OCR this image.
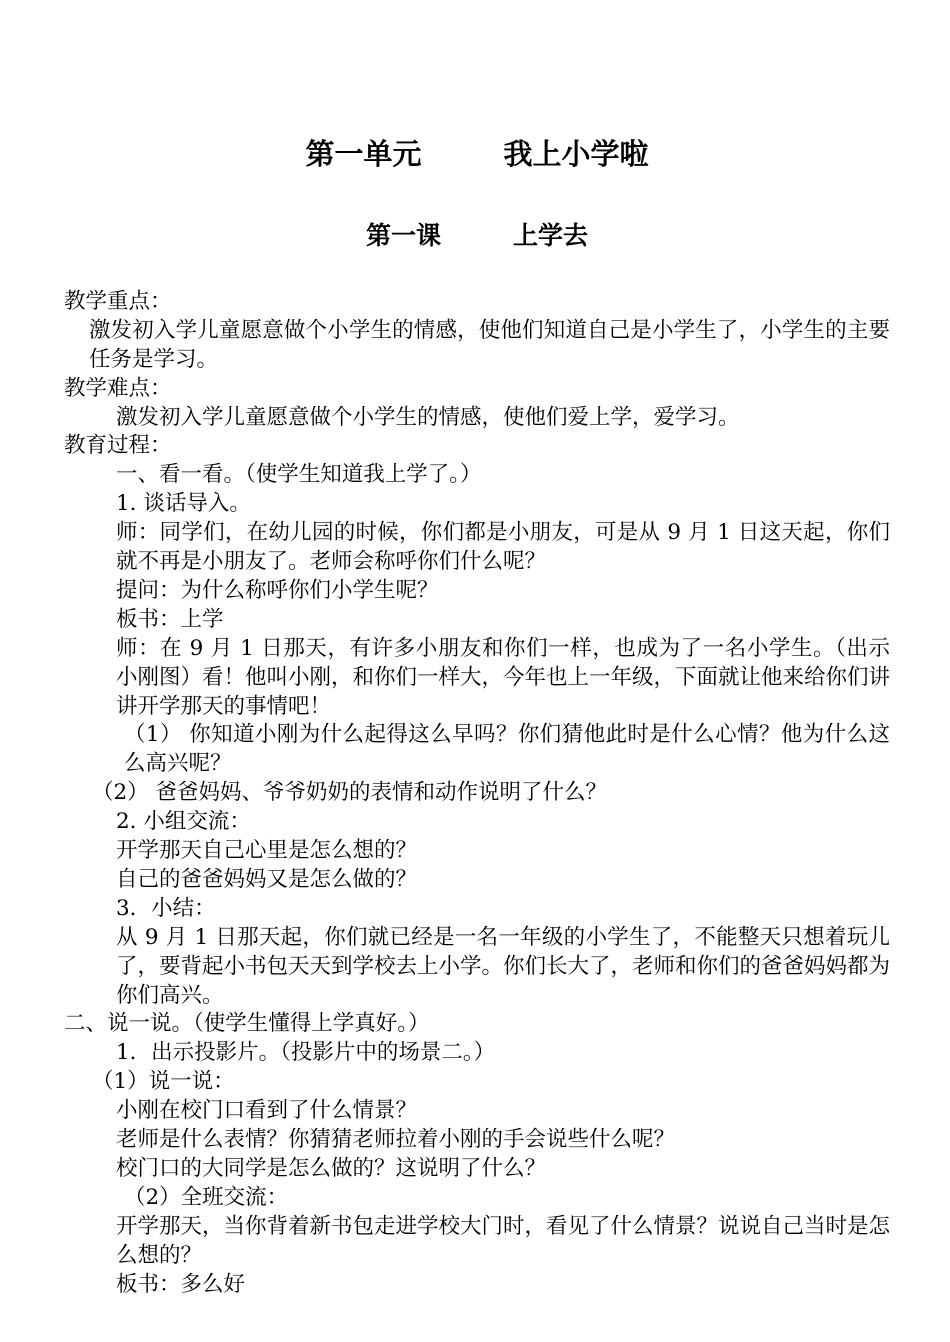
第一单元	我上小学啦
第一课	上学去
教学重点：
激发初入学儿童愿意做个小学生的情感，使他们知道自己是小学生了，小学生的主要任务是学习。
教学难点：
激发初入学儿童愿意做个小学生的情感，使他们爱上学，爱学习。
教育过程：
一、看一看。（使学生知道我上学了。）
1. 谈话导入。
师：同学们，在幼儿园的时候，你们都是小朋友，可是从 9 月 1 日这天起，你们就不再是小朋友了。老师会称呼你们什么呢？
提问：为什么称呼你们小学生呢？
板书：上学
师：在 9 月 1 日那天，有许多小朋友和你们一样，也成为了一名小学生。（出示小刚图）看！他叫小刚，和你们一样大，今年也上一年级，下面就让他来给你们讲讲开学那天的事情吧！
（1） 你知道小刚为什么起得这么早吗？你们猜他此时是什么心情？他为什么这么高兴呢？
（2） 爸爸妈妈、爷爷奶奶的表情和动作说明了什么？
2. 小组交流：
开学那天自己心里是怎么想的？
自己的爸爸妈妈又是怎么做的？
3．小结：
从 9 月 1 日那天起，你们就已经是一名一年级的小学生了，不能整天只想着玩儿了，要背起小书包天天到学校去上小学。你们长大了，老师和你们的爸爸妈妈都为你们高兴。
二、说一说。（使学生懂得上学真好。）
1．出示投影片。（投影片中的场景二。）
（1）说一说：
小刚在校门口看到了什么情景？
老师是什么表情？你猜猜老师拉着小刚的手会说些什么呢？
校门口的大同学是怎么做的？这说明了什么？
（2）全班交流：
开学那天，当你背着新书包走进学校大门时，看见了什么情景？说说自己当时是怎么想的？
板书：多么好
